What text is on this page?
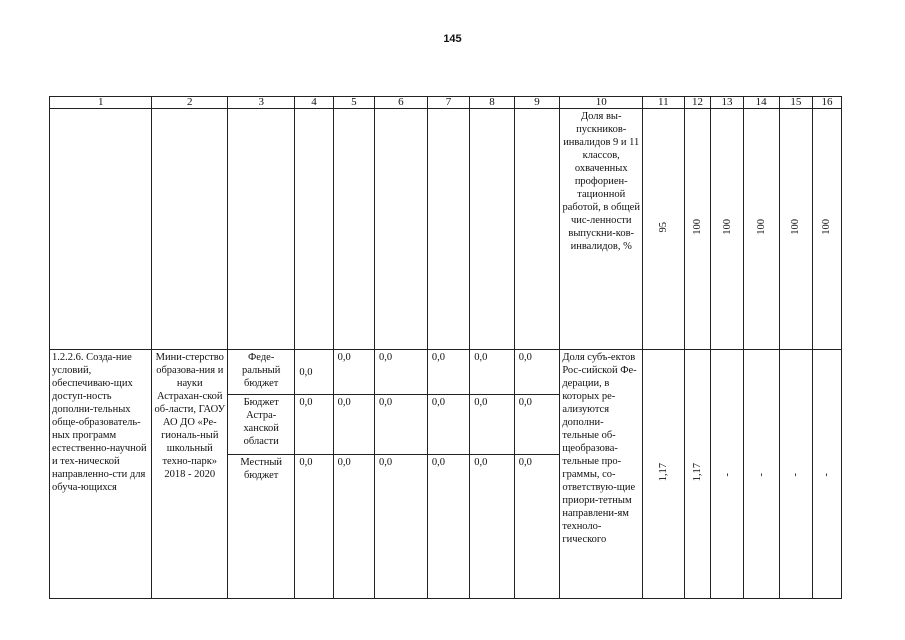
145
1	2	3	4	5	6	7	8	9	10	11	12	13	14	15	16
									Доля вы-пускников-инвалидов 9 и 11 классов, охваченных профориен-тационной работой, в общей чис-ленности выпускни-ков-инвалидов, %	95	100	100	100	100	100
1.2.2.6. Созда-ние условий, обеспечиваю-щих доступ-ность дополни-тельных обще-образователь-ных программ естественно-научной и тех-нической направленно-сти для обуча-ющихся	Мини-стерство образова-ния и науки Астрахан-ской об-ласти, ГАОУ АО ДО «Ре-гиональ-ный школьный техно-парк» 2018 - 2020	Феде-ральный бюджет	0,0	0,0	0,0	0,0	0,0	0,0	Доля субъ-ектов Рос-сийской Фе-дерации, в которых ре-ализуются дополни-тельные об-щеобразова-тельные про-граммы, со-ответствую-щие приори-тетным направлени-ям техноло-гического	1,17	1,17	-	-	-	-
		Бюджет Астра-ханской области	0,0	0,0	0,0	0,0	0,0	0,0							
		Местный бюджет	0,0	0,0	0,0	0,0	0,0	0,0							
